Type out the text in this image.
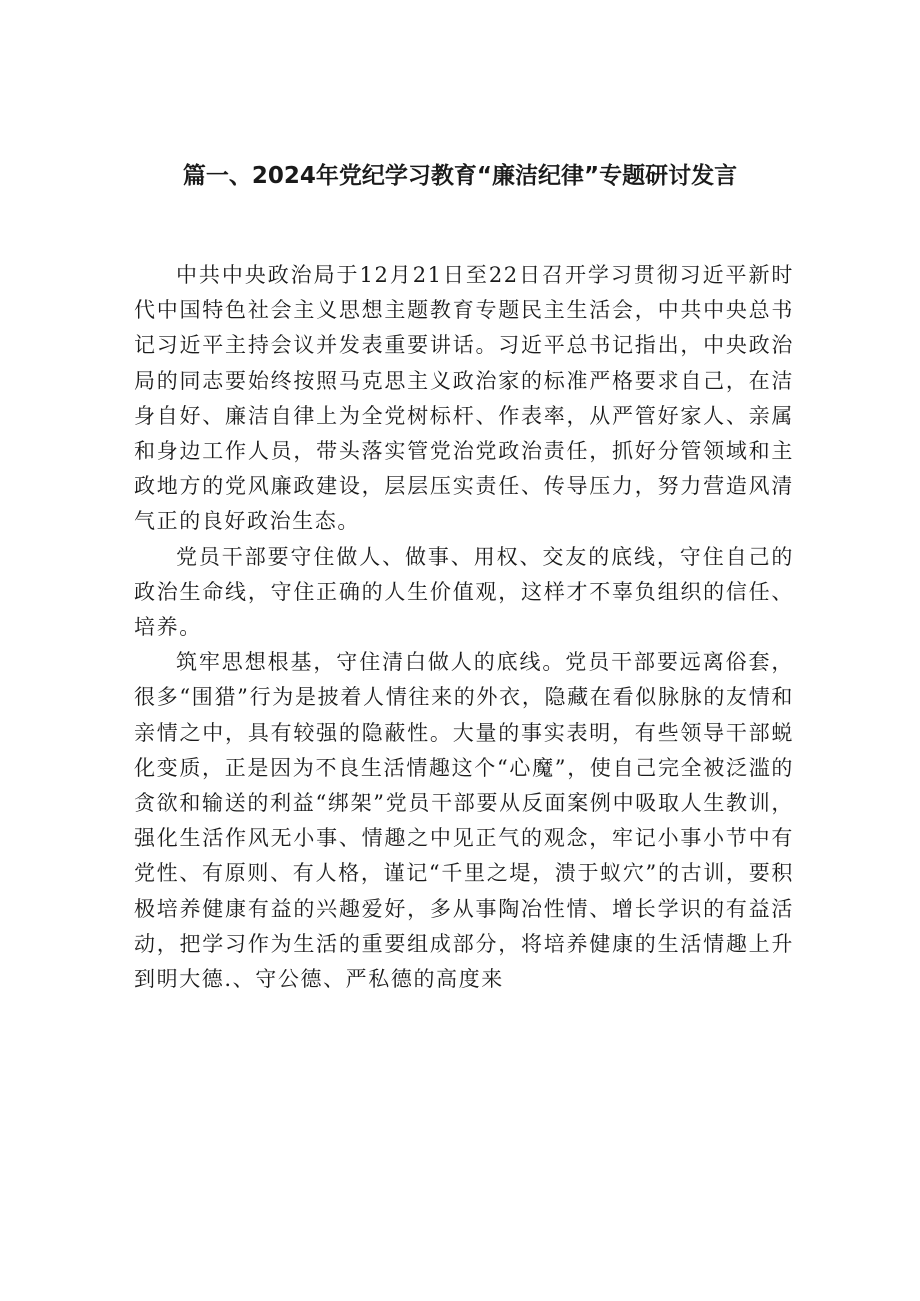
篇一、2024年党纪学习教育“廉洁纪律”专题研讨发言

中共中央政治局于12月21日至22日召开学习贯彻习近平新时代中国特色社会主义思想主题教育专题民主生活会，中共中央总书记习近平主持会议并发表重要讲话。习近平总书记指出，中央政治局的同志要始终按照马克思主义政治家的标准严格要求自己，在洁身自好、廉洁自律上为全党树标杆、作表率，从严管好家人、亲属和身边工作人员，带头落实管党治党政治责任，抓好分管领域和主政地方的党风廉政建设，层层压实责任、传导压力，努力营造风清气正的良好政治生态。

党员干部要守住做人、做事、用权、交友的底线，守住自己的政治生命线，守住正确的人生价值观，这样才不辜负组织的信任、培养。

筑牢思想根基，守住清白做人的底线。党员干部要远离俗套，很多“围猎”行为是披着人情往来的外衣，隐藏在看似脉脉的友情和亲情之中，具有较强的隐蔽性。大量的事实表明，有些领导干部蜕化变质，正是因为不良生活情趣这个“心魔”，使自己完全被泛滥的贪欲和输送的利益“绑架”党员干部要从反面案例中吸取人生教训，强化生活作风无小事、情趣之中见正气的观念，牢记小事小节中有党性、有原则、有人格，谨记“千里之堤，溃于蚁穴”的古训，要积极培养健康有益的兴趣爱好，多从事陶冶性情、增长学识的有益活动，把学习作为生活的重要组成部分，将培养健康的生活情趣上升到明大德.、守公德、严私德的高度来
